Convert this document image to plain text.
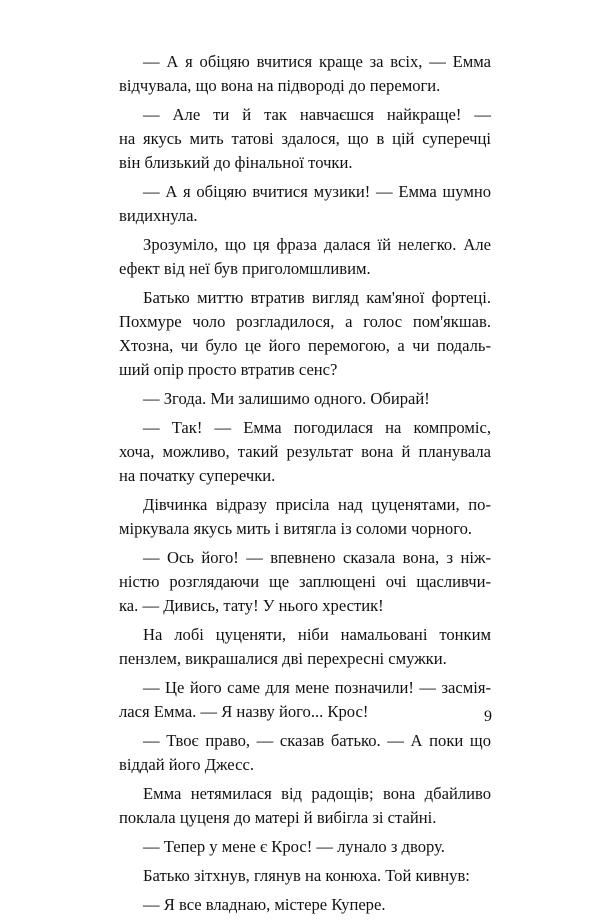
— А я обіцяю вчитися краще за всіх, — Емма
відчувала, що вона на підвороді до перемоги.
— Але ти й так навчаєшся найкраще! —
на якусь мить татові здалося, що в цій суперечці
він близький до фінальної точки.
— А я обіцяю вчитися музики! — Емма шумно
видихнула.
Зрозуміло, що ця фраза далася їй нелегко. Але
ефект від неї був приголомшливим.
Батько миттю втратив вигляд кам'яної фортеці.
Похмуре чоло розгладилося, а голос пом'якшав.
Хтозна, чи було це його перемогою, а чи подаль-
ший опір просто втратив сенс?
— Згода. Ми залишимо одного. Обирай!
— Так! — Емма погодилася на компроміс,
хоча, можливо, такий результат вона й планувала
на початку суперечки.
Дівчинка відразу присіла над цуценятами, по-
міркувала якусь мить і витягла із соломи чорного.
— Ось його! — впевнено сказала вона, з ніж-
ністю розглядаючи ще заплющені очі щасливчи-
ка. — Дивись, тату! У нього хрестик!
На лобі цуценяти, ніби намальовані тонким
пензлем, викрашалися дві перехресні смужки.
— Це його саме для мене позначили! — засмія-
лася Емма. — Я назву його... Крос!
— Твоє право, — сказав батько. — А поки що
віддай його Джесс.
Емма нетямилася від радощів; вона дбайливо
поклала цуценя до матері й вибігла зі стайні.
— Тепер у мене є Крос! — лунало з двору.
Батько зітхнув, глянув на конюха. Той кивнув:
— Я все владнаю, містере Купере.
9
